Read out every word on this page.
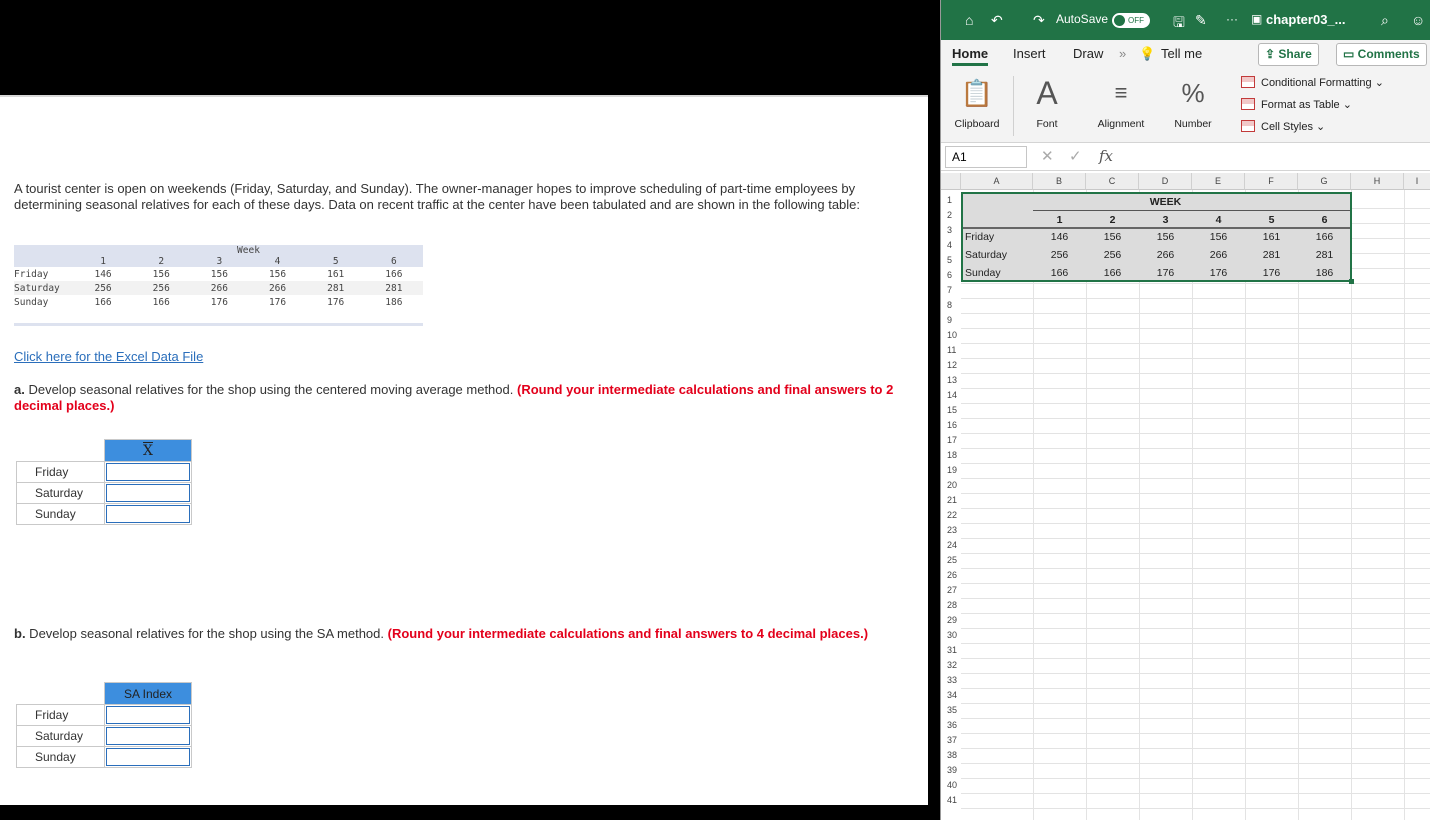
A tourist center is open on weekends (Friday, Saturday, and Sunday). The owner-manager hopes to improve scheduling of part-time employees by determining seasonal relatives for each of these days. Data on recent traffic at the center have been tabulated and are shown in the following table:

	Week					
	1	2	3	4	5	6
Friday	146	156	156	156	161	166
Saturday	256	256	266	266	281	281
Sunday	166	166	176	176	176	186
Click here for the Excel Data File

a. Develop seasonal relatives for the shop using the centered moving average method. (Round your intermediate calculations and final answers to 2 decimal places.)

	$\overline{X}$
Friday	
Saturday	
Sunday	

b. Develop seasonal relatives for the shop using the SA method. (Round your intermediate calculations and final answers to 4 decimal places.)

	SA Index
Friday	
Saturday	
Sunday	
⌂ ↶ ↷ AutoSave	OFF	🖫 ✎ ··· ▣ chapter03_...	⌕ ☺
Home Insert Draw » 💡 Tell me	⇪ Share	▭ Comments
📋
Clipboard
A
Font
≡
Alignment
%
Number
Conditional Formatting ⌄
Format as Table ⌄
Cell Styles ⌄
A1	✕ ✓ fx
A	B	C	D	E	F	G	H	I
1
2
3
4
5
6
7
8
9
10
11
12
13
14
15
16
17
18
19
20
21
22
23
24
25
26
27
28
29
30
31
32
33
34
35
36
37
38
39
40
41
WEEK
1	2	3	4	5	6
Friday	146	156	156	156	161	166
Saturday	256	256	266	266	281	281
Sunday	166	166	176	176	176	186
